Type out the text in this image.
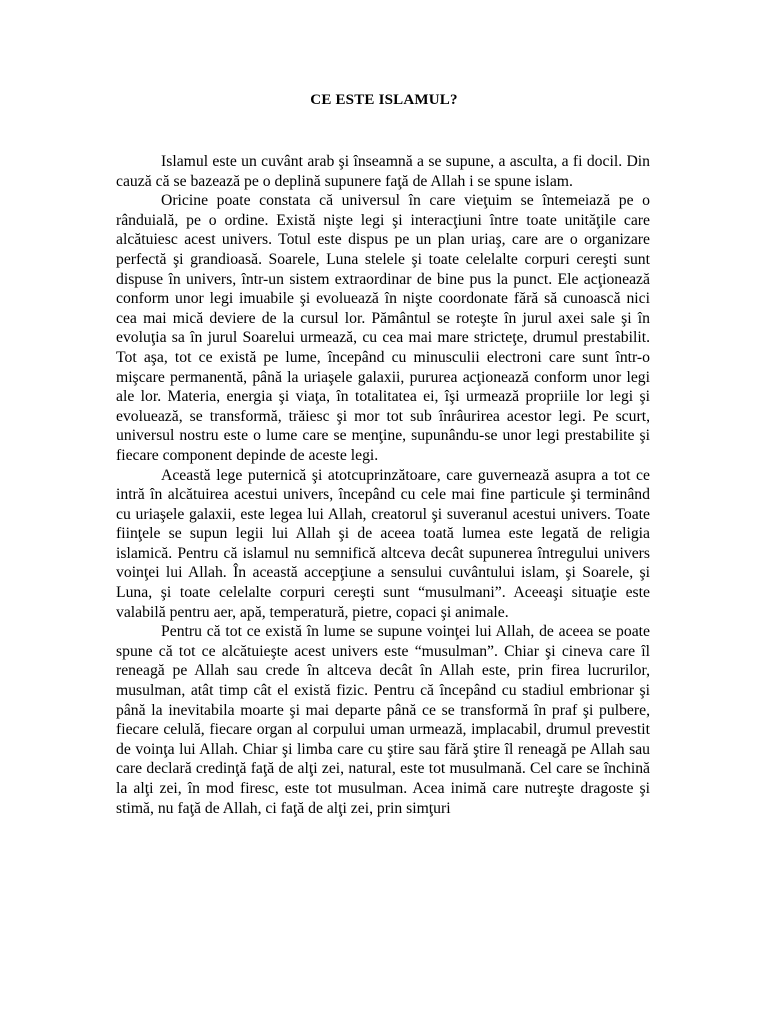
CE ESTE ISLAMUL?

Islamul este un cuvânt arab şi înseamnă a se supune, a asculta, a fi docil. Din cauză că se bazează pe o deplină supunere faţă de Allah i se spune islam.

Oricine poate constata că universul în care vieţuim se întemeiază pe o rânduială, pe o ordine. Există nişte legi şi interacţiuni între toate unităţile care alcătuiesc acest univers. Totul este dispus pe un plan uriaş, care are o organizare perfectă şi grandioasă. Soarele, Luna stelele şi toate celelalte corpuri cereşti sunt dispuse în univers, într-un sistem extraordinar de bine pus la punct. Ele acţionează conform unor legi imuabile şi evoluează în nişte coordonate fără să cunoască nici cea mai mică deviere de la cursul lor. Pământul se roteşte în jurul axei sale şi în evoluţia sa în jurul Soarelui urmează, cu cea mai mare stricteţe, drumul prestabilit. Tot aşa, tot ce există pe lume, începând cu minusculii electroni care sunt într-o mişcare permanentă, până la uriaşele galaxii, pururea acţionează conform unor legi ale lor. Materia, energia şi viaţa, în totalitatea ei, îşi urmează propriile lor legi şi evoluează, se transformă, trăiesc şi mor tot sub înrâurirea acestor legi. Pe scurt, universul nostru este o lume care se menţine, supunându-se unor legi prestabilite şi fiecare component depinde de aceste legi.

Această lege puternică şi atotcuprinzătoare, care guvernează asupra a tot ce intră în alcătuirea acestui univers, începând cu cele mai fine particule şi terminând cu uriaşele galaxii, este legea lui Allah, creatorul şi suveranul acestui univers. Toate fiinţele se supun legii lui Allah şi de aceea toată lumea este legată de religia islamică. Pentru că islamul nu semnifică altceva decât supunerea întregului univers voinţei lui Allah. În această accepţiune a sensului cuvântului islam, şi Soarele, şi Luna, şi toate celelalte corpuri cereşti sunt “musulmani”. Aceeaşi situaţie este valabilă pentru aer, apă, temperatură, pietre, copaci şi animale.

Pentru că tot ce există în lume se supune voinţei lui Allah, de aceea se poate spune că tot ce alcătuieşte acest univers este “musulman”. Chiar şi cineva care îl reneagă pe Allah sau crede în altceva decât în Allah este, prin firea lucrurilor, musulman, atât timp cât el există fizic. Pentru că începând cu stadiul embrionar şi până la inevitabila moarte şi mai departe până ce se transformă în praf şi pulbere, fiecare celulă, fiecare organ al corpului uman urmează, implacabil, drumul prevestit de voinţa lui Allah. Chiar şi limba care cu ştire sau fără ştire îl reneagă pe Allah sau care declară credinţă faţă de alţi zei, natural, este tot musulmană. Cel care se închină la alţi zei, în mod firesc, este tot musulman. Acea inimă care nutreşte dragoste şi stimă, nu faţă de Allah, ci faţă de alţi zei, prin simţuri
